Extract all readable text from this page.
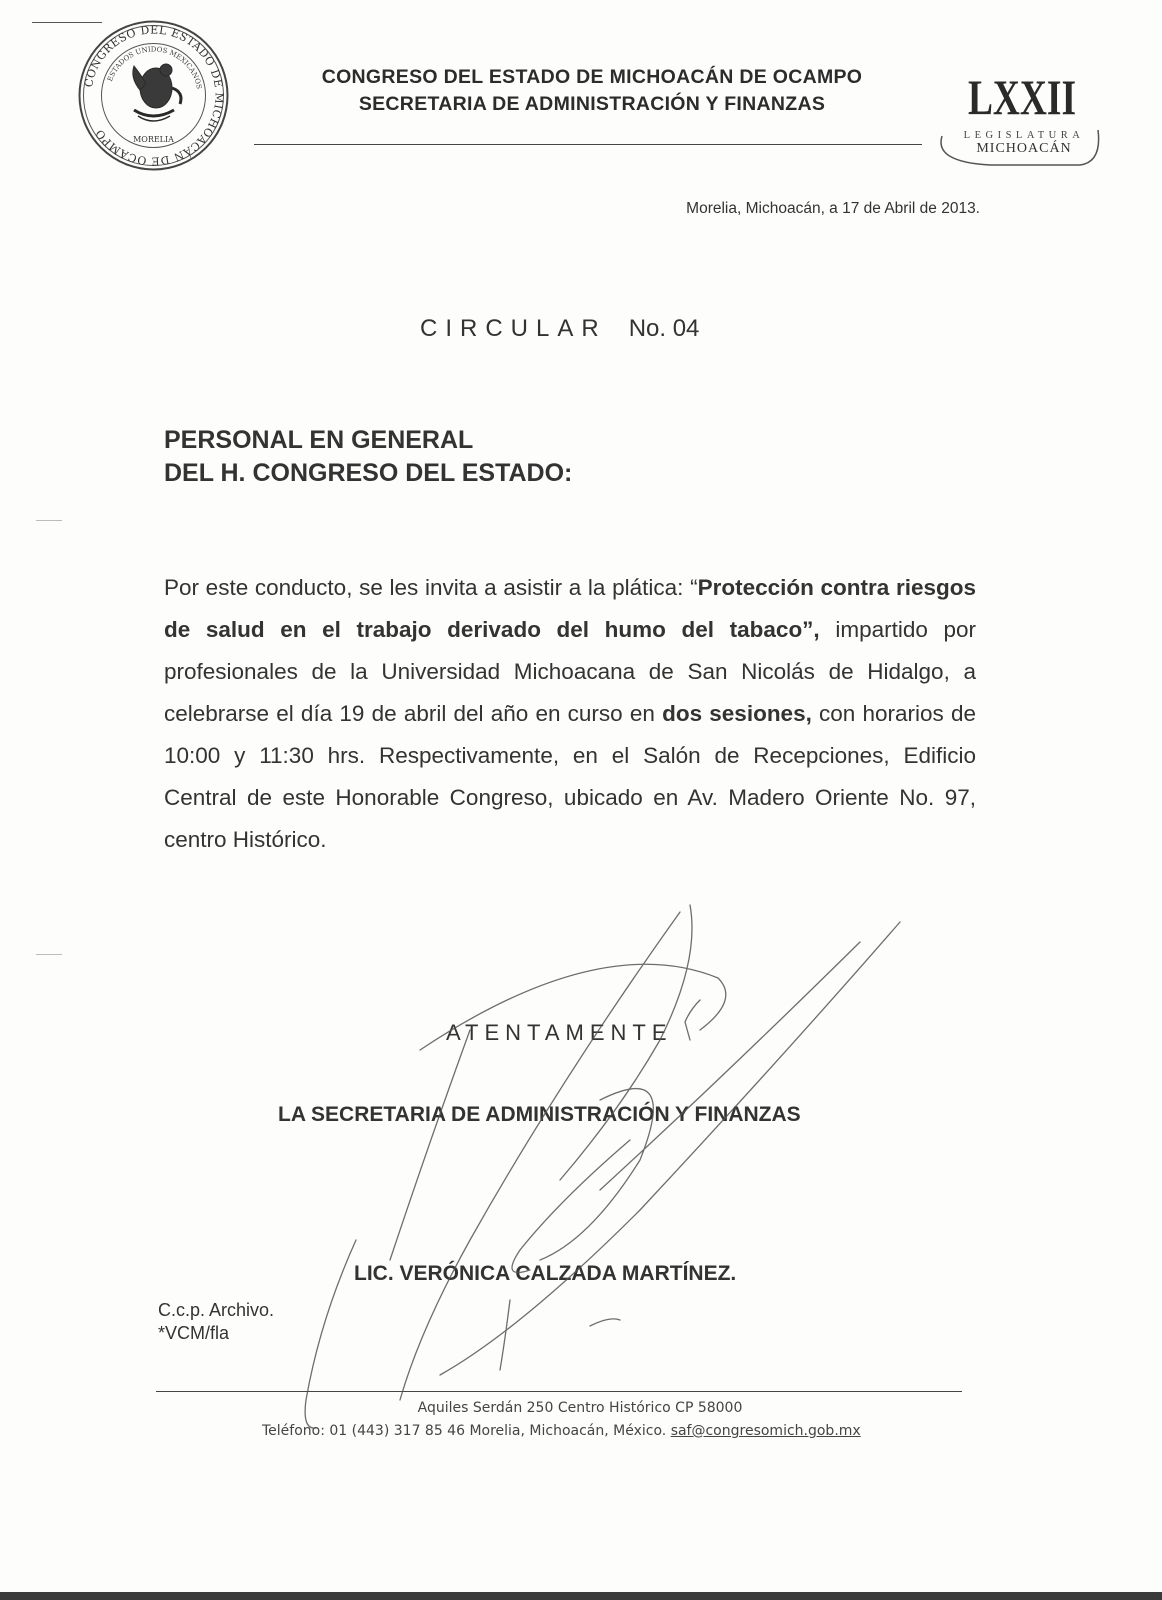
CONGRESO DEL ESTADO DE MICHOACÁN DE OCAMPO
ESTADOS UNIDOS MEXICANOS
MORELIA
CONGRESO DEL ESTADO DE MICHOACÁN DE OCAMPO
SECRETARIA DE ADMINISTRACIÓN Y FINANZAS	LXXII
LEGISLATURA
MICHOACÁN
Morelia, Michoacán, a 17 de Abril de 2013.
CIRCULAR No. 04
PERSONAL EN GENERAL
DEL H. CONGRESO DEL ESTADO:
Por este conducto, se les invita a asistir a la plática: “Protección contra riesgos de salud en el trabajo derivado del humo del tabaco”, impartido por profesionales de la Universidad Michoacana de San Nicolás de Hidalgo, a celebrarse el día 19 de abril del año en curso en dos sesiones, con horarios de 10:00 y 11:30 hrs. Respectivamente, en el Salón de Recepciones, Edificio Central de este Honorable Congreso, ubicado en Av. Madero Oriente No. 97, centro Histórico.
ATENTAMENTE
LA SECRETARIA DE ADMINISTRACIÓN Y FINANZAS
LIC. VERÓNICA CALZADA MARTÍNEZ.
C.c.p. Archivo.
*VCM/fla
Aquiles Serdán 250 Centro Histórico CP 58000
Teléfono: 01 (443) 317 85 46 Morelia, Michoacán, México. saf@congresomich.gob.mx
